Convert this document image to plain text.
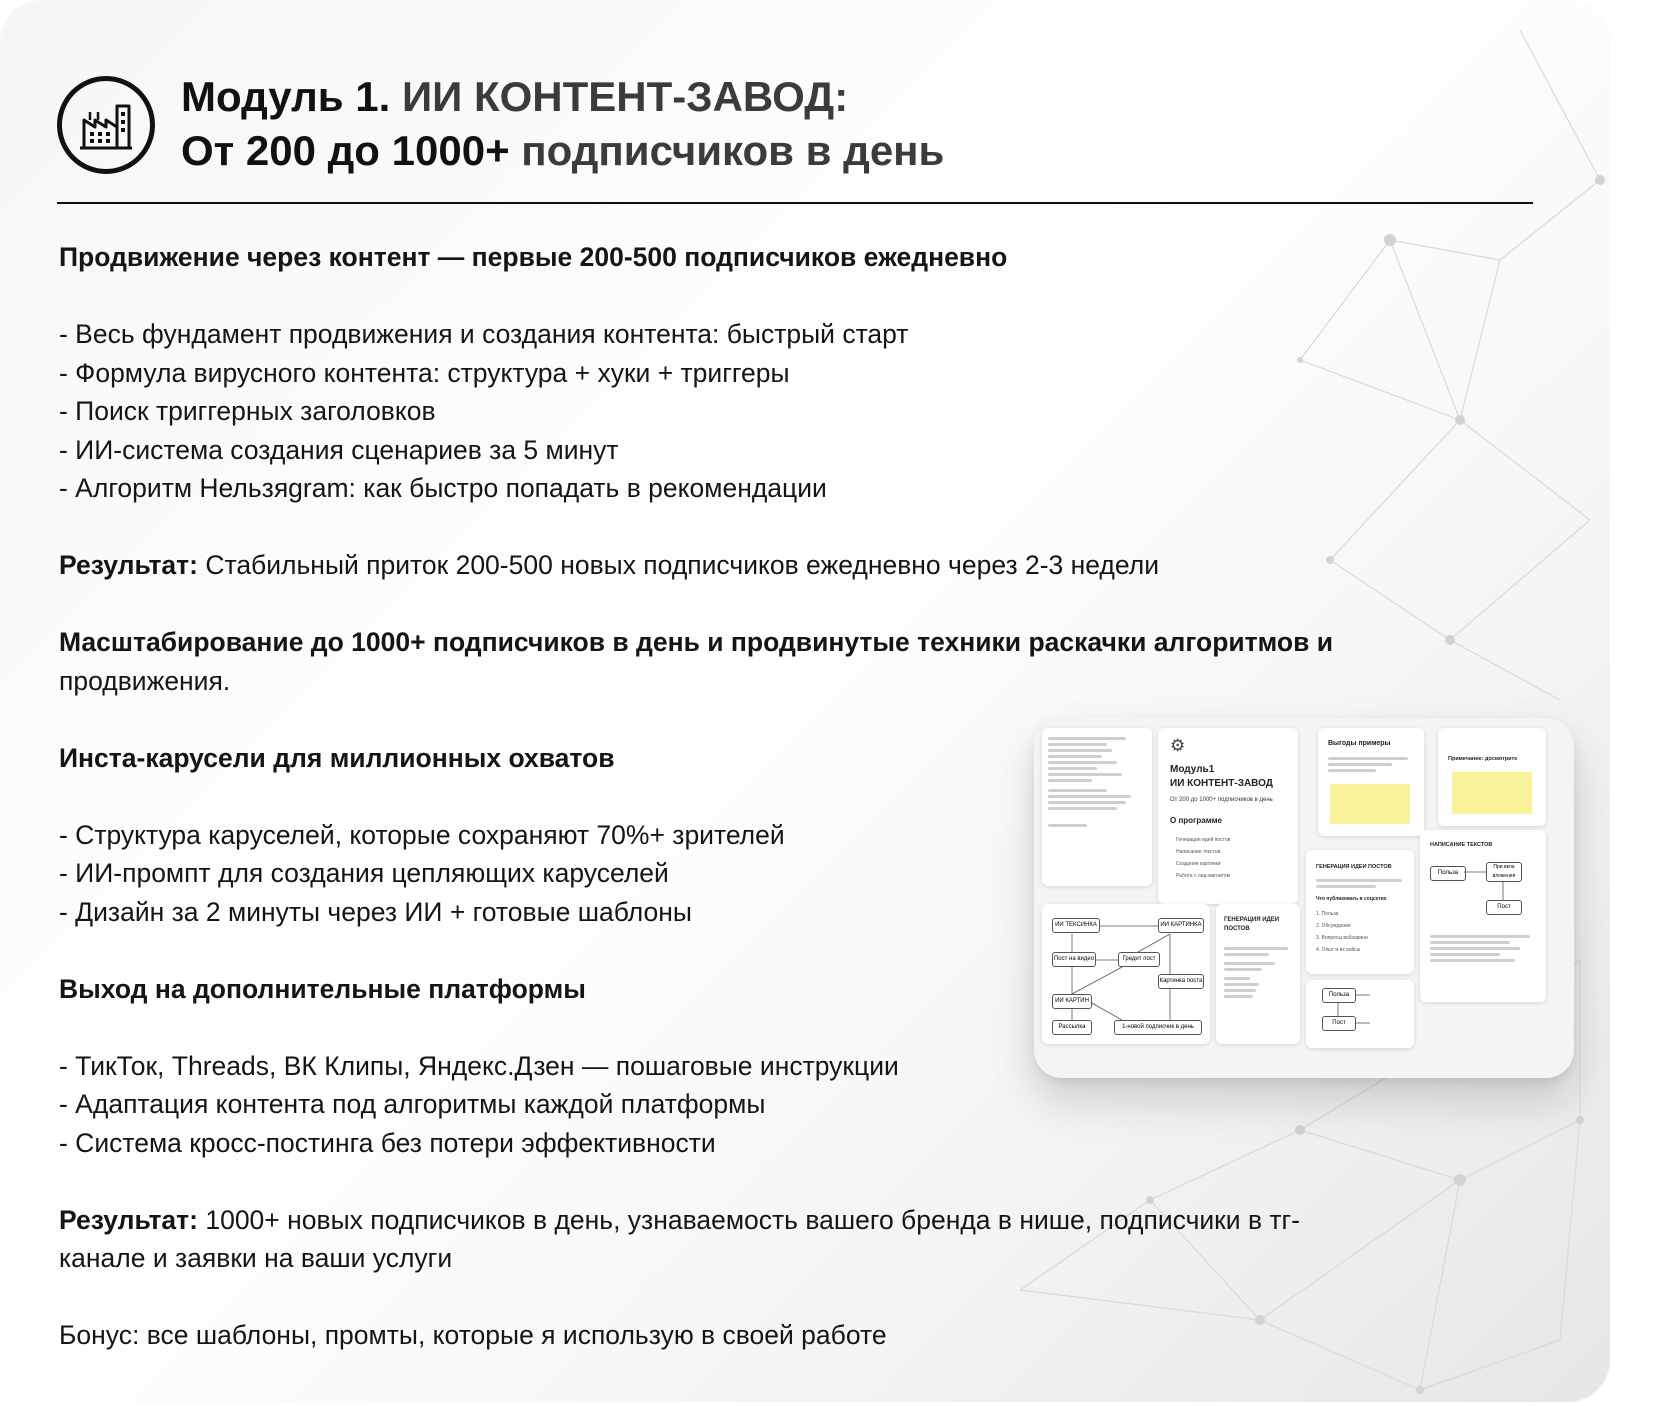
Модуль 1. ИИ КОНТЕНТ-ЗАВОД:
От 200 до 1000+ подписчиков в день
Продвижение через контент — первые 200-500 подписчиков ежедневно
- Весь фундамент продвижения и создания контента: быстрый старт
- Формула вирусного контента: структура + хуки + триггеры
- Поиск триггерных заголовков
- ИИ-система создания сценариев за 5 минут
- Алгоритм Нельзяgram: как быстро попадать в рекомендации
Результат: Стабильный приток 200-500 новых подписчиков ежедневно через 2-3 недели
Масштабирование до 1000+ подписчиков в день и продвинутые техники раскачки алгоритмов и
продвижения.
Инста-карусели для миллионных охватов
- Структура каруселей, которые сохраняют 70%+ зрителей
- ИИ-промпт для создания цепляющих каруселей
- Дизайн за 2 минуты через ИИ + готовые шаблоны
Выход на дополнительные платформы
- ТикТок, Threads, ВК Клипы, Яндекс.Дзен — пошаговые инструкции
- Адаптация контента под алгоритмы каждой платформы
- Система кросс-постинга без потери эффективности
Результат: 1000+ новых подписчиков в день, узнаваемость вашего бренда в нише, подписчики в тг-
канале и заявки на ваши услуги
Бонус: все шаблоны, промты, которые я использую в своей работе
⚙
Модуль1
ИИ КОНТЕНТ-ЗАВОД
От 200 до 1000+ подписчиков в день
О программе
Генерация идей постов
Написание текстов
Создание картинки
Работа с лид-магнитом
Выгоды примеры
Примечание: досмотрите
ИИ ТЕКСИНКА	ИИ КАРТИНКА
Пост на видео	Гредит пост
Картинка поста
ИИ КАРТИН
Рассылка	1-новой подписчик в день
ГЕНЕРАЦИЯ ИДЕИ ПОСТОВ
ГЕНЕРАЦИЯ ИДЕИ ПОСТОВ
Что публиковать в соцсетях
1. Польза
2. Обсуждения
3. Вопросы вобзарина
4. Опыт и их кейсы
Польза
Пост
НАПИСАНИЕ ТЕКСТОВ
Польза
При вкла вложения
Пост
